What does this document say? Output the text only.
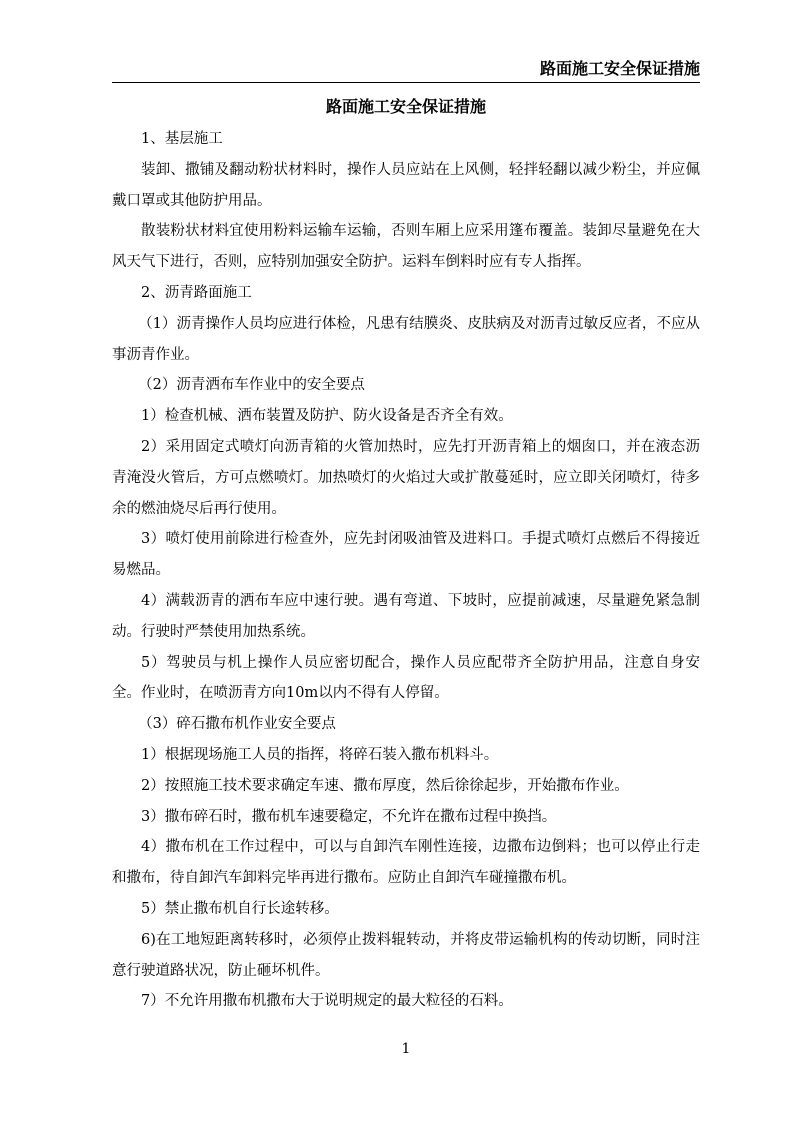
路面施工安全保证措施
路面施工安全保证措施

1、基层施工

装卸、撒铺及翻动粉状材料时，操作人员应站在上风侧，轻拌轻翻以减少粉尘，并应佩戴口罩或其他防护用品。

散装粉状材料宜使用粉料运输车运输，否则车厢上应采用篷布覆盖。装卸尽量避免在大风天气下进行，否则，应特别加强安全防护。运料车倒料时应有专人指挥。

2、沥青路面施工

（1）沥青操作人员均应进行体检，凡患有结膜炎、皮肤病及对沥青过敏反应者，不应从事沥青作业。

（2）沥青洒布车作业中的安全要点

1）检查机械、洒布装置及防护、防火设备是否齐全有效。

2）采用固定式喷灯向沥青箱的火管加热时，应先打开沥青箱上的烟囱口，并在液态沥青淹没火管后，方可点燃喷灯。加热喷灯的火焰过大或扩散蔓延时，应立即关闭喷灯，待多余的燃油烧尽后再行使用。

3）喷灯使用前除进行检查外，应先封闭吸油管及进料口。手提式喷灯点燃后不得接近易燃品。

4）满载沥青的洒布车应中速行驶。遇有弯道、下坡时，应提前减速，尽量避免紧急制动。行驶时严禁使用加热系统。

5）驾驶员与机上操作人员应密切配合，操作人员应配带齐全防护用品，注意自身安全。作业时，在喷沥青方向10m以内不得有人停留。

（3）碎石撒布机作业安全要点

1）根据现场施工人员的指挥，将碎石装入撒布机料斗。

2）按照施工技术要求确定车速、撒布厚度，然后徐徐起步，开始撒布作业。

3）撒布碎石时，撒布机车速要稳定，不允许在撒布过程中换挡。

4）撒布机在工作过程中，可以与自卸汽车刚性连接，边撒布边倒料；也可以停止行走和撒布，待自卸汽车卸料完毕再进行撒布。应防止自卸汽车碰撞撒布机。

5）禁止撒布机自行长途转移。

6)在工地短距离转移时，必须停止拨料辊转动，并将皮带运输机构的传动切断，同时注意行驶道路状况，防止砸坏机件。

7）不允许用撒布机撒布大于说明规定的最大粒径的石料。

1
